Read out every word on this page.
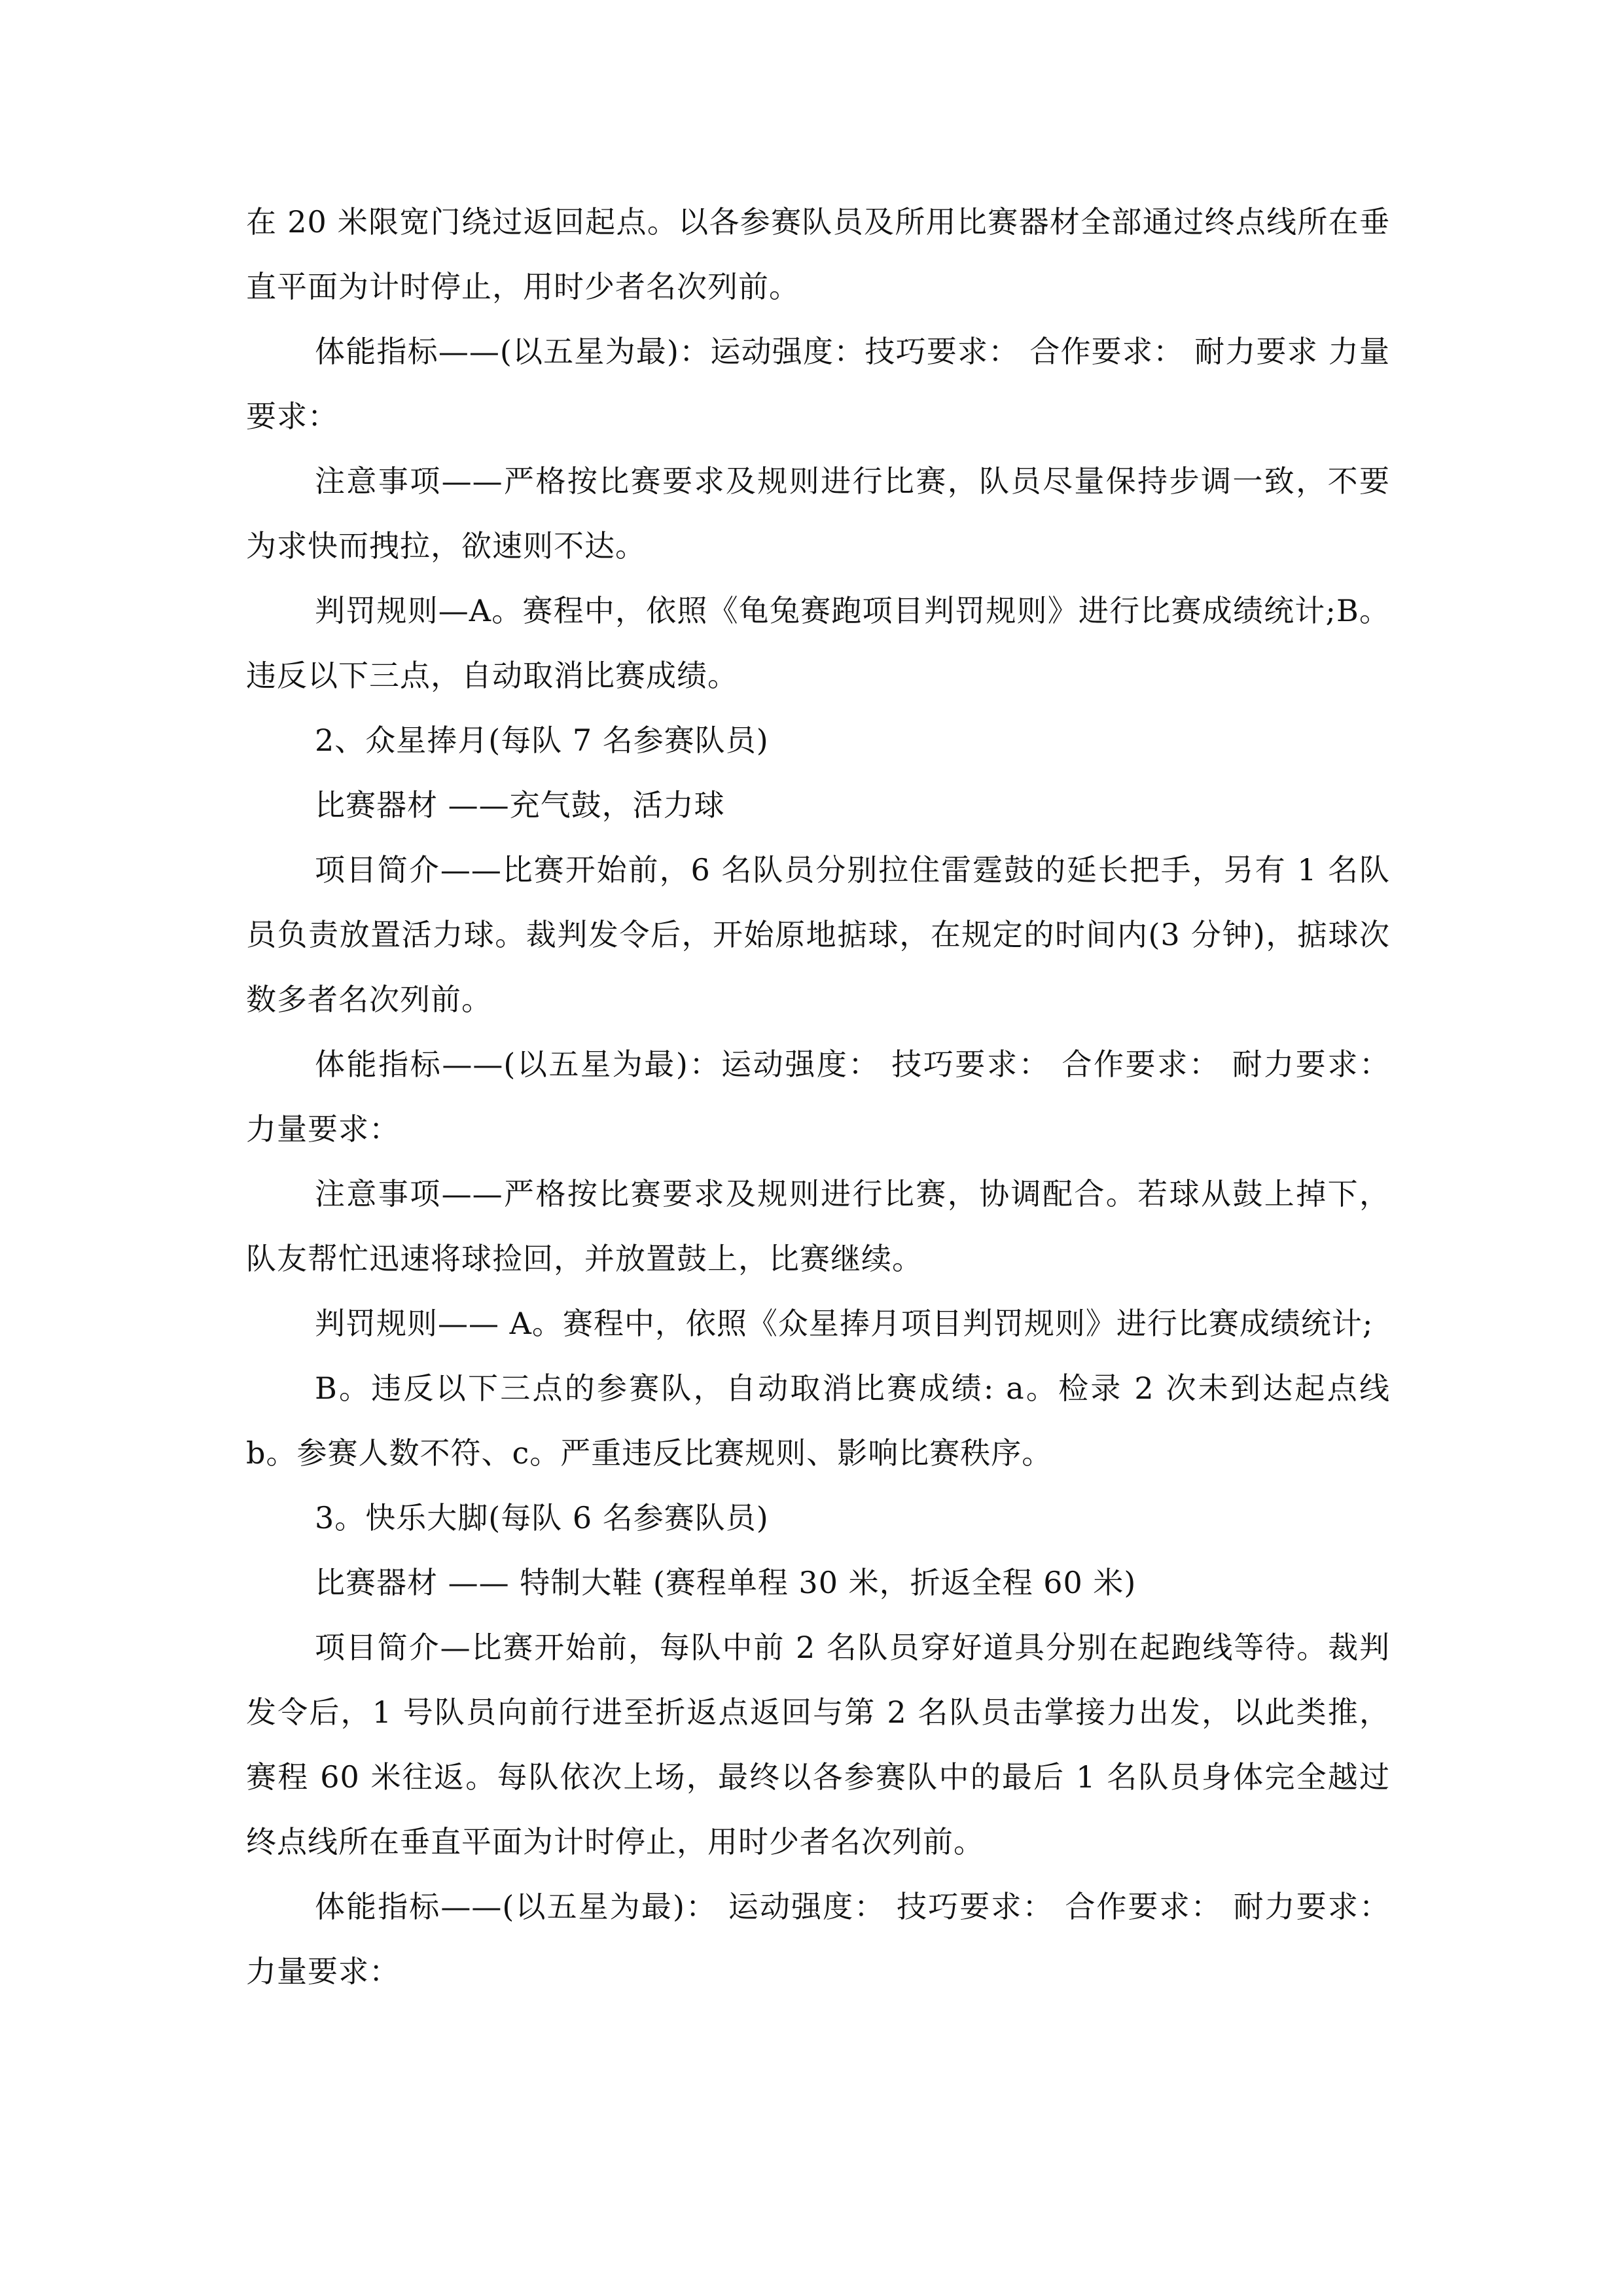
在 20 米限宽门绕过返回起点。以各参赛队员及所用比赛器材全部通过终点线所在垂直平面为计时停止，用时少者名次列前。

体能指标——(以五星为最)：运动强度：技巧要求： 合作要求： 耐力要求 力量要求：

注意事项——严格按比赛要求及规则进行比赛，队员尽量保持步调一致，不要为求快而拽拉，欲速则不达。

判罚规则—A。赛程中，依照《龟兔赛跑项目判罚规则》进行比赛成绩统计;B。违反以下三点，自动取消比赛成绩。

2、众星捧月(每队 7 名参赛队员)

比赛器材 ——充气鼓，活力球

项目简介——比赛开始前，6 名队员分别拉住雷霆鼓的延长把手，另有 1 名队员负责放置活力球。裁判发令后，开始原地掂球，在规定的时间内(3 分钟)，掂球次数多者名次列前。

体能指标——(以五星为最)：运动强度： 技巧要求： 合作要求： 耐力要求： 力量要求：

注意事项——严格按比赛要求及规则进行比赛，协调配合。若球从鼓上掉下，队友帮忙迅速将球捡回，并放置鼓上，比赛继续。

判罚规则—— A。赛程中，依照《众星捧月项目判罚规则》进行比赛成绩统计;

B。违反以下三点的参赛队，自动取消比赛成绩: a。检录 2 次未到达起点线 b。参赛人数不符、c。严重违反比赛规则、影响比赛秩序。

3。快乐大脚(每队 6 名参赛队员)

比赛器材 —— 特制大鞋 (赛程单程 30 米，折返全程 60 米)

项目简介—比赛开始前，每队中前 2 名队员穿好道具分别在起跑线等待。裁判发令后，1 号队员向前行进至折返点返回与第 2 名队员击掌接力出发，以此类推，赛程 60 米往返。每队依次上场，最终以各参赛队中的最后 1 名队员身体完全越过终点线所在垂直平面为计时停止，用时少者名次列前。

体能指标——(以五星为最)： 运动强度： 技巧要求： 合作要求： 耐力要求： 力量要求：
